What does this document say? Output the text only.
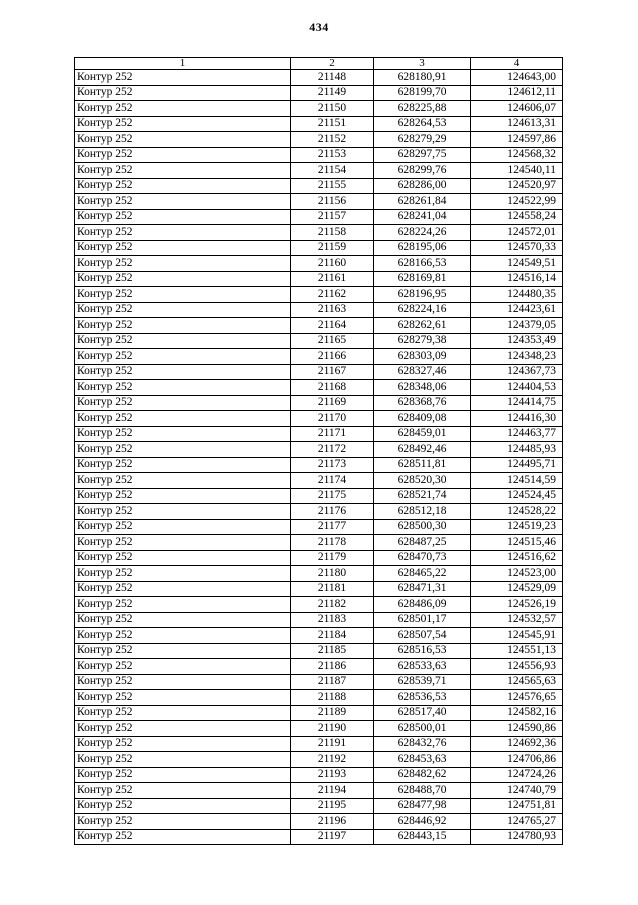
434
1	2	3	4
Контур 252	21148	628180,91	124643,00
Контур 252	21149	628199,70	124612,11
Контур 252	21150	628225,88	124606,07
Контур 252	21151	628264,53	124613,31
Контур 252	21152	628279,29	124597,86
Контур 252	21153	628297,75	124568,32
Контур 252	21154	628299,76	124540,11
Контур 252	21155	628286,00	124520,97
Контур 252	21156	628261,84	124522,99
Контур 252	21157	628241,04	124558,24
Контур 252	21158	628224,26	124572,01
Контур 252	21159	628195,06	124570,33
Контур 252	21160	628166,53	124549,51
Контур 252	21161	628169,81	124516,14
Контур 252	21162	628196,95	124480,35
Контур 252	21163	628224,16	124423,61
Контур 252	21164	628262,61	124379,05
Контур 252	21165	628279,38	124353,49
Контур 252	21166	628303,09	124348,23
Контур 252	21167	628327,46	124367,73
Контур 252	21168	628348,06	124404,53
Контур 252	21169	628368,76	124414,75
Контур 252	21170	628409,08	124416,30
Контур 252	21171	628459,01	124463,77
Контур 252	21172	628492,46	124485,93
Контур 252	21173	628511,81	124495,71
Контур 252	21174	628520,30	124514,59
Контур 252	21175	628521,74	124524,45
Контур 252	21176	628512,18	124528,22
Контур 252	21177	628500,30	124519,23
Контур 252	21178	628487,25	124515,46
Контур 252	21179	628470,73	124516,62
Контур 252	21180	628465,22	124523,00
Контур 252	21181	628471,31	124529,09
Контур 252	21182	628486,09	124526,19
Контур 252	21183	628501,17	124532,57
Контур 252	21184	628507,54	124545,91
Контур 252	21185	628516,53	124551,13
Контур 252	21186	628533,63	124556,93
Контур 252	21187	628539,71	124565,63
Контур 252	21188	628536,53	124576,65
Контур 252	21189	628517,40	124582,16
Контур 252	21190	628500,01	124590,86
Контур 252	21191	628432,76	124692,36
Контур 252	21192	628453,63	124706,86
Контур 252	21193	628482,62	124724,26
Контур 252	21194	628488,70	124740,79
Контур 252	21195	628477,98	124751,81
Контур 252	21196	628446,92	124765,27
Контур 252	21197	628443,15	124780,93
